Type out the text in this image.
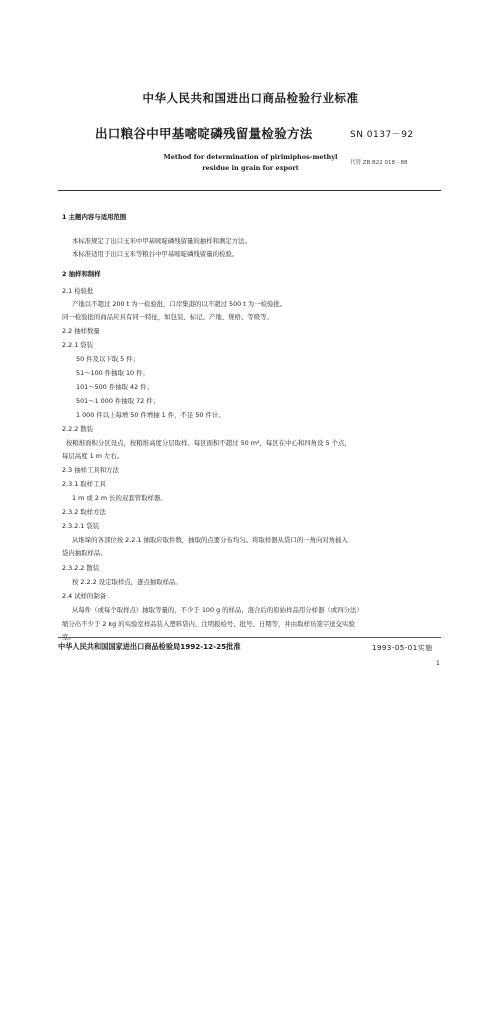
中华人民共和国进出口商品检验行业标准
出口粮谷中甲基嘧啶磷残留量检验方法	SN 0137－92
Method for determination of pirimiphos-methyl
residue in grain for export
代替 ZB B22 018 - 88
1 主题内容与适用范围
本标准规定了出口玉米中甲基嘧啶磷残留量的抽样和测定方法。
本标准适用于出口玉米等粮谷中甲基嘧啶磷残留量的检验。
2 抽样和制样
2.1 检验批
产地以不超过 200 t 为一检验批，口岸集港的以不超过 500 t 为一检验批。
同一检验批的商品应具有同一特征，如包装、标记、产地、规格、等级等。
2.2 抽样数量
2.2.1 袋装
50 件及以下取 5 件；
51～100 件抽取 10 件；
101～500 件抽取 42 件；
501～1 000 件抽取 72 件；
1 000 件以上每增 50 件增抽 1 件，不足 50 件计。
2.2.2 散装
按粮堆面积分区设点，按粮堆高度分层取样。每区面积不超过 50 m²，每区在中心和四角设 5 个点，
每层高度 1 m 左右。
2.3 抽样工具和方法
2.3.1 取样工具
1 m 或 2 m 长的双套管取样器。
2.3.2 取样方法
2.3.2.1 袋装
从堆垛的各部位按 2.2.1 抽取应取件数，抽取的点要分布均匀。将取样器从袋口的一角向对角插入
袋内抽取样品。
2.3.2.2 散装
按 2.2.2 设定取样点，逐点抽取样品。
2.4 试样的制备
从每件（或每个取样点）抽取等量的，不少于 100 g 的样品，混合后的原始样品用分样器（或四分法）
缩分出不少于 2 kg 的实验室样品装入塑料袋内，注明报检号、批号、日期等，并由取样员签字送交实验
室。
中华人民共和国国家进出口商品检验局1992-12-25批准	1993-05-01实施
1
